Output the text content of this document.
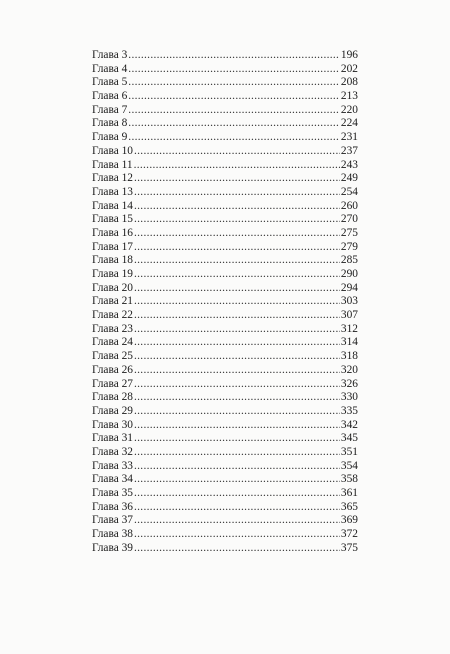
Глава 3 .....	196
Глава 4 .....	202
Глава 5 .....	208
Глава 6 .....	213
Глава 7 .....	220
Глава 8 .....	224
Глава 9 .....	231
Глава 10 .....	237
Глава 11 .....	243
Глава 12 .....	249
Глава 13 .....	254
Глава 14 .....	260
Глава 15 .....	270
Глава 16 .....	275
Глава 17 .....	279
Глава 18 .....	285
Глава 19 .....	290
Глава 20 .....	294
Глава 21 .....	303
Глава 22 .....	307
Глава 23 .....	312
Глава 24 .....	314
Глава 25 .....	318
Глава 26 .....	320
Глава 27 .....	326
Глава 28 .....	330
Глава 29 .....	335
Глава 30 .....	342
Глава 31 .....	345
Глава 32 .....	351
Глава 33 .....	354
Глава 34 .....	358
Глава 35 .....	361
Глава 36 .....	365
Глава 37 .....	369
Глава 38 .....	372
Глава 39 .....	375
